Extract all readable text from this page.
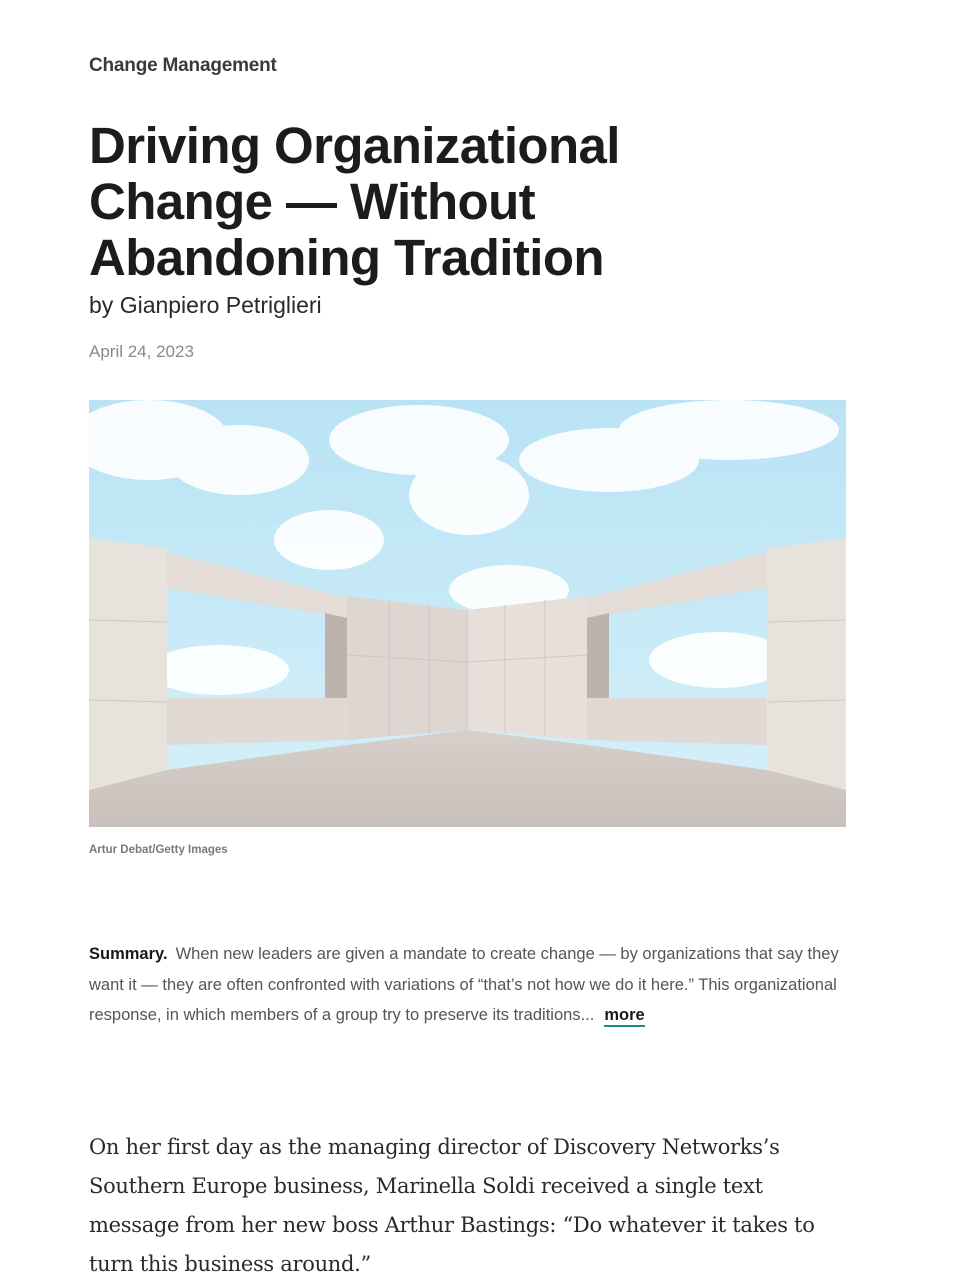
Change Management
Driving Organizational Change — Without Abandoning Tradition
by Gianpiero Petriglieri
April 24, 2023
Artur Debat/Getty Images

Summary. When new leaders are given a mandate to create change — by organizations that say they want it — they are often confronted with variations of “that’s not how we do it here.” This organizational response, in which members of a group try to preserve its traditions... more

On her first day as the managing director of Discovery Networks’s Southern Europe business, Marinella Soldi received a single text message from her new boss Arthur Bastings: “Do whatever it takes to turn this business around.”
